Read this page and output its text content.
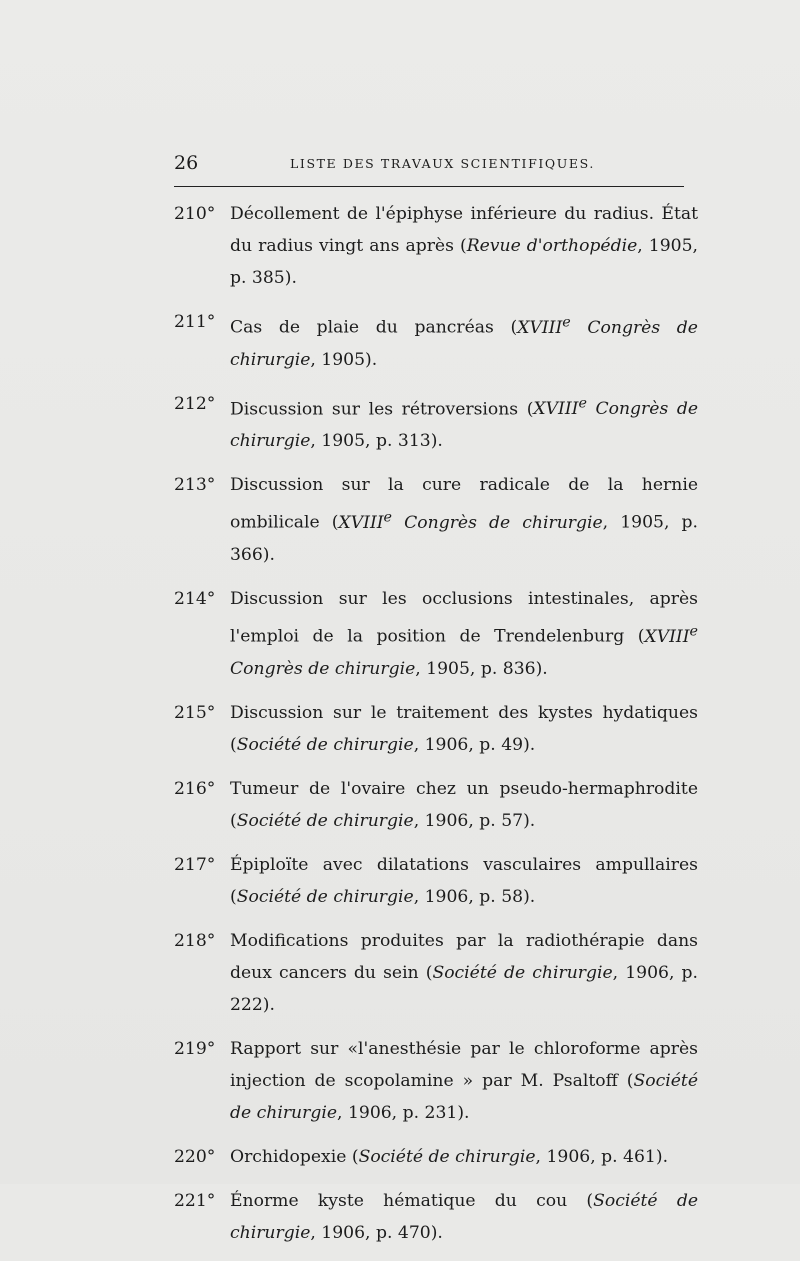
26	LISTE DES TRAVAUX SCIENTIFIQUES.
210° Décollement de l'épiphyse inférieure du radius. État du radius vingt ans après (Revue d'orthopédie, 1905, p. 385).
211° Cas de plaie du pancréas (XVIIIe Congrès de chirurgie, 1905).
212° Discussion sur les rétroversions (XVIIIe Congrès de chirurgie, 1905, p. 313).
213° Discussion sur la cure radicale de la hernie ombilicale (XVIIIe Congrès de chirurgie, 1905, p. 366).
214° Discussion sur les occlusions intestinales, après l'emploi de la position de Trendelenburg (XVIIIe Congrès de chirurgie, 1905, p. 836).
215° Discussion sur le traitement des kystes hydatiques (Société de chirurgie, 1906, p. 49).
216° Tumeur de l'ovaire chez un pseudo-hermaphrodite (Société de chirurgie, 1906, p. 57).
217° Épiploïte avec dilatations vasculaires ampullaires (Société de chirurgie, 1906, p. 58).
218° Modifications produites par la radiothérapie dans deux cancers du sein (Société de chirurgie, 1906, p. 222).
219° Rapport sur «l'anesthésie par le chloroforme après injection de scopolamine » par M. Psaltoff (Société de chirurgie, 1906, p. 231).
220° Orchidopexie (Société de chirurgie, 1906, p. 461).
221° Énorme kyste hématique du cou (Société de chirurgie, 1906, p. 470).
